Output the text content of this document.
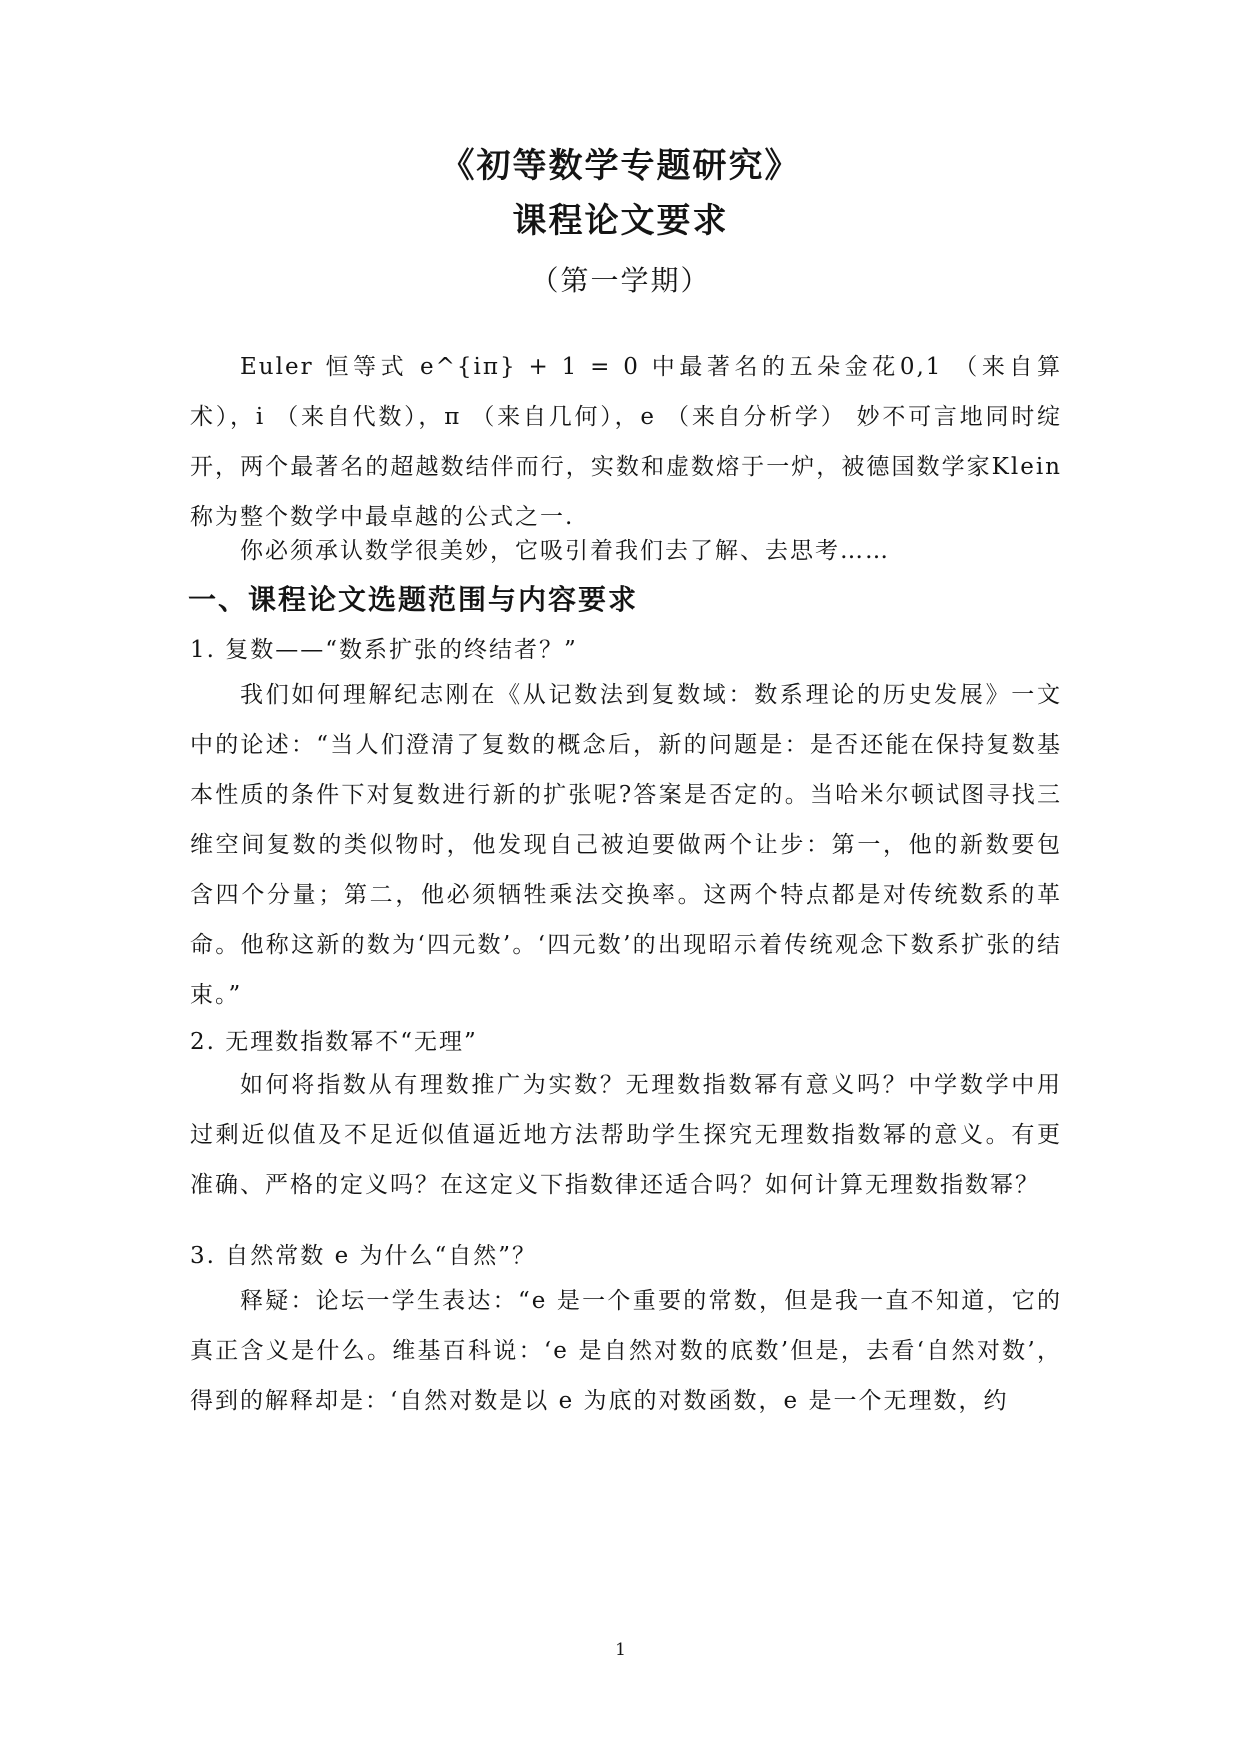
《初等数学专题研究》
课程论文要求
（第一学期）

Euler 恒等式 e^{iπ} + 1 = 0 中最著名的五朵金花0,1 （来自算术），i （来自代数），π （来自几何），e （来自分析学） 妙不可言地同时绽开，两个最著名的超越数结伴而行，实数和虚数熔于一炉，被德国数学家Klein称为整个数学中最卓越的公式之一.

你必须承认数学很美妙，它吸引着我们去了解、去思考……

一、课程论文选题范围与内容要求
1. 复数——“数系扩张的终结者？”

我们如何理解纪志刚在《从记数法到复数域：数系理论的历史发展》一文中的论述：“当人们澄清了复数的概念后，新的问题是：是否还能在保持复数基本性质的条件下对复数进行新的扩张呢?答案是否定的。当哈米尔顿试图寻找三维空间复数的类似物时，他发现自己被迫要做两个让步：第一，他的新数要包含四个分量；第二，他必须牺牲乘法交换率。这两个特点都是对传统数系的革命。他称这新的数为‘四元数’。‘四元数’的出现昭示着传统观念下数系扩张的结束。”

2. 无理数指数幂不“无理”

如何将指数从有理数推广为实数？无理数指数幂有意义吗？中学数学中用过剩近似值及不足近似值逼近地方法帮助学生探究无理数指数幂的意义。有更准确、严格的定义吗？在这定义下指数律还适合吗？如何计算无理数指数幂？

3. 自然常数 e 为什么“自然”？

释疑：论坛一学生表达：“e 是一个重要的常数，但是我一直不知道，它的真正含义是什么。维基百科说：‘e 是自然对数的底数’但是，去看‘自然对数’，得到的解释却是：‘自然对数是以 e 为底的对数函数，e 是一个无理数，约

1
